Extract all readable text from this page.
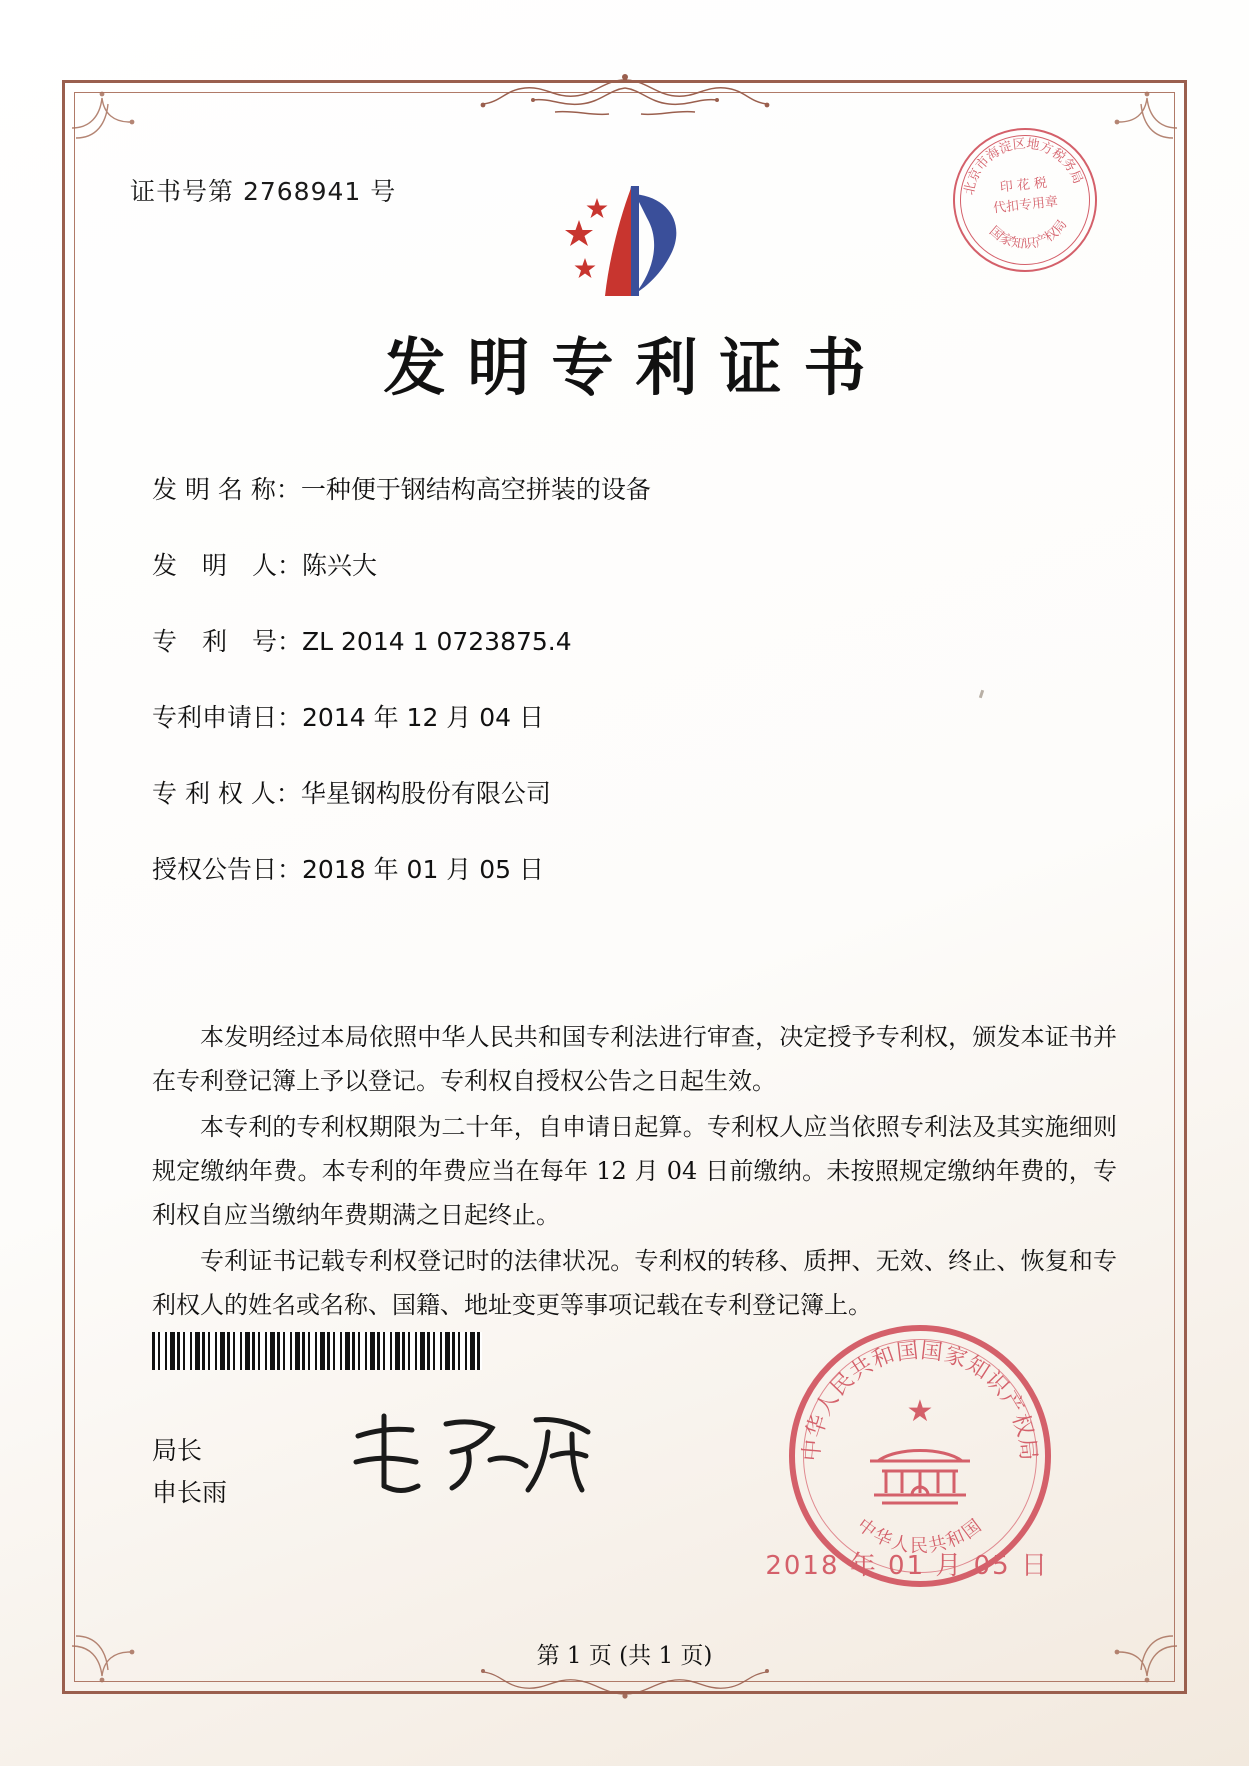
证书号第 2768941 号	北京市海淀区地方税务局
国家知识产权局
印 花 税
代扣专用章
发明专利证书
发 明 名 称： 一种便于钢结构高空拼装的设备
发　明　人： 陈兴大
专　利　号： ZL 2014 1 0723875.4
专利申请日： 2014 年 12 月 04 日
专 利 权 人： 华星钢构股份有限公司
授权公告日： 2018 年 01 月 05 日

本发明经过本局依照中华人民共和国专利法进行审查，决定授予专利权，颁发本证书并在专利登记簿上予以登记。专利权自授权公告之日起生效。

本专利的专利权期限为二十年，自申请日起算。专利权人应当依照专利法及其实施细则规定缴纳年费。本专利的年费应当在每年 12 月 04 日前缴纳。未按照规定缴纳年费的，专利权自应当缴纳年费期满之日起终止。

专利证书记载专利权登记时的法律状况。专利权的转移、质押、无效、终止、恢复和专利权人的姓名或名称、国籍、地址变更等事项记载在专利登记簿上。

局长
申长雨
中华人民共和国国家知识产权局
中华人民共和国
★
2018 年 01 月 05 日
第 1 页 (共 1 页)
